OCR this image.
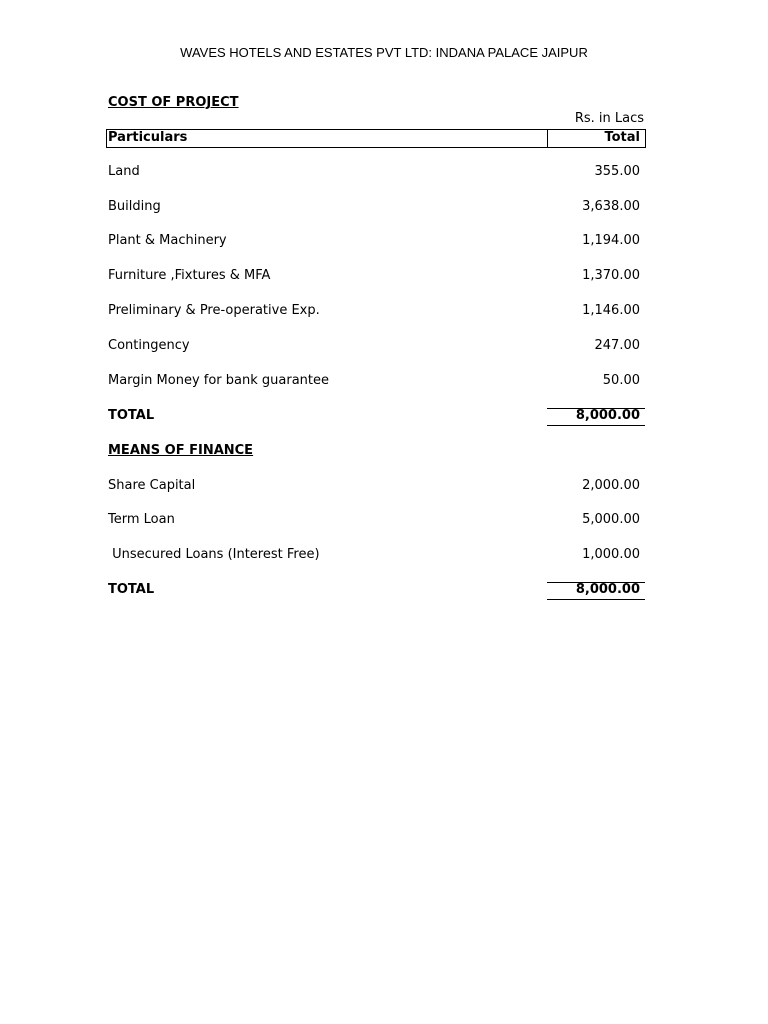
WAVES HOTELS AND ESTATES PVT LTD: INDANA PALACE JAIPUR
COST OF PROJECT
Rs. in Lacs
Particulars	Total
Land	355.00
Building	3,638.00
Plant & Machinery	1,194.00
Furniture ,Fixtures & MFA	1,370.00
Preliminary & Pre-operative Exp.	1,146.00
Contingency	247.00
Margin Money for bank guarantee	50.00
TOTAL	8,000.00
MEANS OF FINANCE
Share Capital	2,000.00
Term Loan	5,000.00
Unsecured Loans (Interest Free)	1,000.00
TOTAL	8,000.00
